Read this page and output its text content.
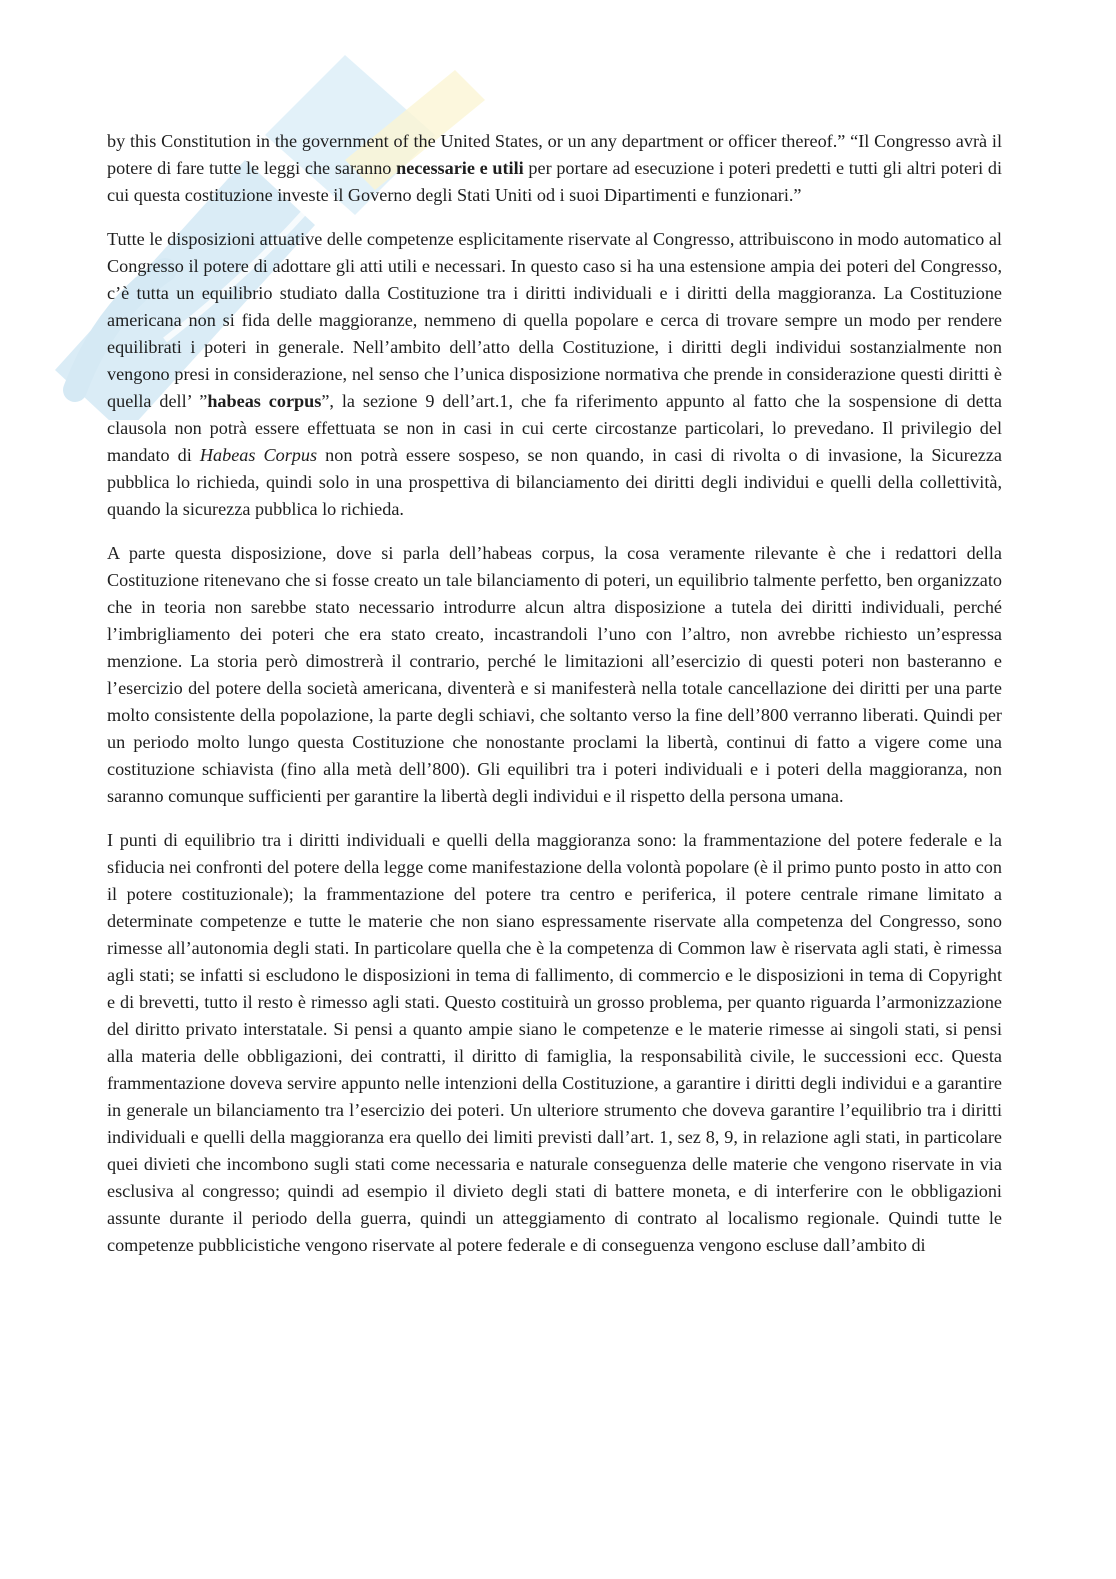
by this Constitution in the government of the United States, or un any department or officer thereof.” “Il Congresso avrà il potere di fare tutte le leggi che saranno necessarie e utili per portare ad esecuzione i poteri predetti e tutti gli altri poteri di cui questa costituzione investe il Governo degli Stati Uniti od i suoi Dipartimenti e funzionari.”

Tutte le disposizioni attuative delle competenze esplicitamente riservate al Congresso, attribuiscono in modo automatico al Congresso il potere di adottare gli atti utili e necessari. In questo caso si ha una estensione ampia dei poteri del Congresso, c’è tutta un equilibrio studiato dalla Costituzione tra i diritti individuali e i diritti della maggioranza. La Costituzione americana non si fida delle maggioranze, nemmeno di quella popolare e cerca di trovare sempre un modo per rendere equilibrati i poteri in generale. Nell’ambito dell’atto della Costituzione, i diritti degli individui sostanzialmente non vengono presi in considerazione, nel senso che l’unica disposizione normativa che prende in considerazione questi diritti è quella dell’ ”habeas corpus”, la sezione 9 dell’art.1, che fa riferimento appunto al fatto che la sospensione di detta clausola non potrà essere effettuata se non in casi in cui certe circostanze particolari, lo prevedano. Il privilegio del mandato di Habeas Corpus non potrà essere sospeso, se non quando, in casi di rivolta o di invasione, la Sicurezza pubblica lo richieda, quindi solo in una prospettiva di bilanciamento dei diritti degli individui e quelli della collettività, quando la sicurezza pubblica lo richieda.

A parte questa disposizione, dove si parla dell’habeas corpus, la cosa veramente rilevante è che i redattori della Costituzione ritenevano che si fosse creato un tale bilanciamento di poteri, un equilibrio talmente perfetto, ben organizzato che in teoria non sarebbe stato necessario introdurre alcun altra disposizione a tutela dei diritti individuali, perché l’imbrigliamento dei poteri che era stato creato, incastrandoli l’uno con l’altro, non avrebbe richiesto un’espressa menzione. La storia però dimostrerà il contrario, perché le limitazioni all’esercizio di questi poteri non basteranno e l’esercizio del potere della società americana, diventerà e si manifesterà nella totale cancellazione dei diritti per una parte molto consistente della popolazione, la parte degli schiavi, che soltanto verso la fine dell’800 verranno liberati. Quindi per un periodo molto lungo questa Costituzione che nonostante proclami la libertà, continui di fatto a vigere come una costituzione schiavista (fino alla metà dell’800). Gli equilibri tra i poteri individuali e i poteri della maggioranza, non saranno comunque sufficienti per garantire la libertà degli individui e il rispetto della persona umana.

I punti di equilibrio tra i diritti individuali e quelli della maggioranza sono: la frammentazione del potere federale e la sfiducia nei confronti del potere della legge come manifestazione della volontà popolare (è il primo punto posto in atto con il potere costituzionale); la frammentazione del potere tra centro e periferica, il potere centrale rimane limitato a determinate competenze e tutte le materie che non siano espressamente riservate alla competenza del Congresso, sono rimesse all’autonomia degli stati. In particolare quella che è la competenza di Common law è riservata agli stati, è rimessa agli stati; se infatti si escludono le disposizioni in tema di fallimento, di commercio e le disposizioni in tema di Copyright e di brevetti, tutto il resto è rimesso agli stati. Questo costituirà un grosso problema, per quanto riguarda l’armonizzazione del diritto privato interstatale. Si pensi a quanto ampie siano le competenze e le materie rimesse ai singoli stati, si pensi alla materia delle obbligazioni, dei contratti, il diritto di famiglia, la responsabilità civile, le successioni ecc. Questa frammentazione doveva servire appunto nelle intenzioni della Costituzione, a garantire i diritti degli individui e a garantire in generale un bilanciamento tra l’esercizio dei poteri. Un ulteriore strumento che doveva garantire l’equilibrio tra i diritti individuali e quelli della maggioranza era quello dei limiti previsti dall’art. 1, sez 8, 9, in relazione agli stati, in particolare quei divieti che incombono sugli stati come necessaria e naturale conseguenza delle materie che vengono riservate in via esclusiva al congresso; quindi ad esempio il divieto degli stati di battere moneta, e di interferire con le obbligazioni assunte durante il periodo della guerra, quindi un atteggiamento di contrato al localismo regionale. Quindi tutte le competenze pubblicistiche vengono riservate al potere federale e di conseguenza vengono escluse dall’ambito di
